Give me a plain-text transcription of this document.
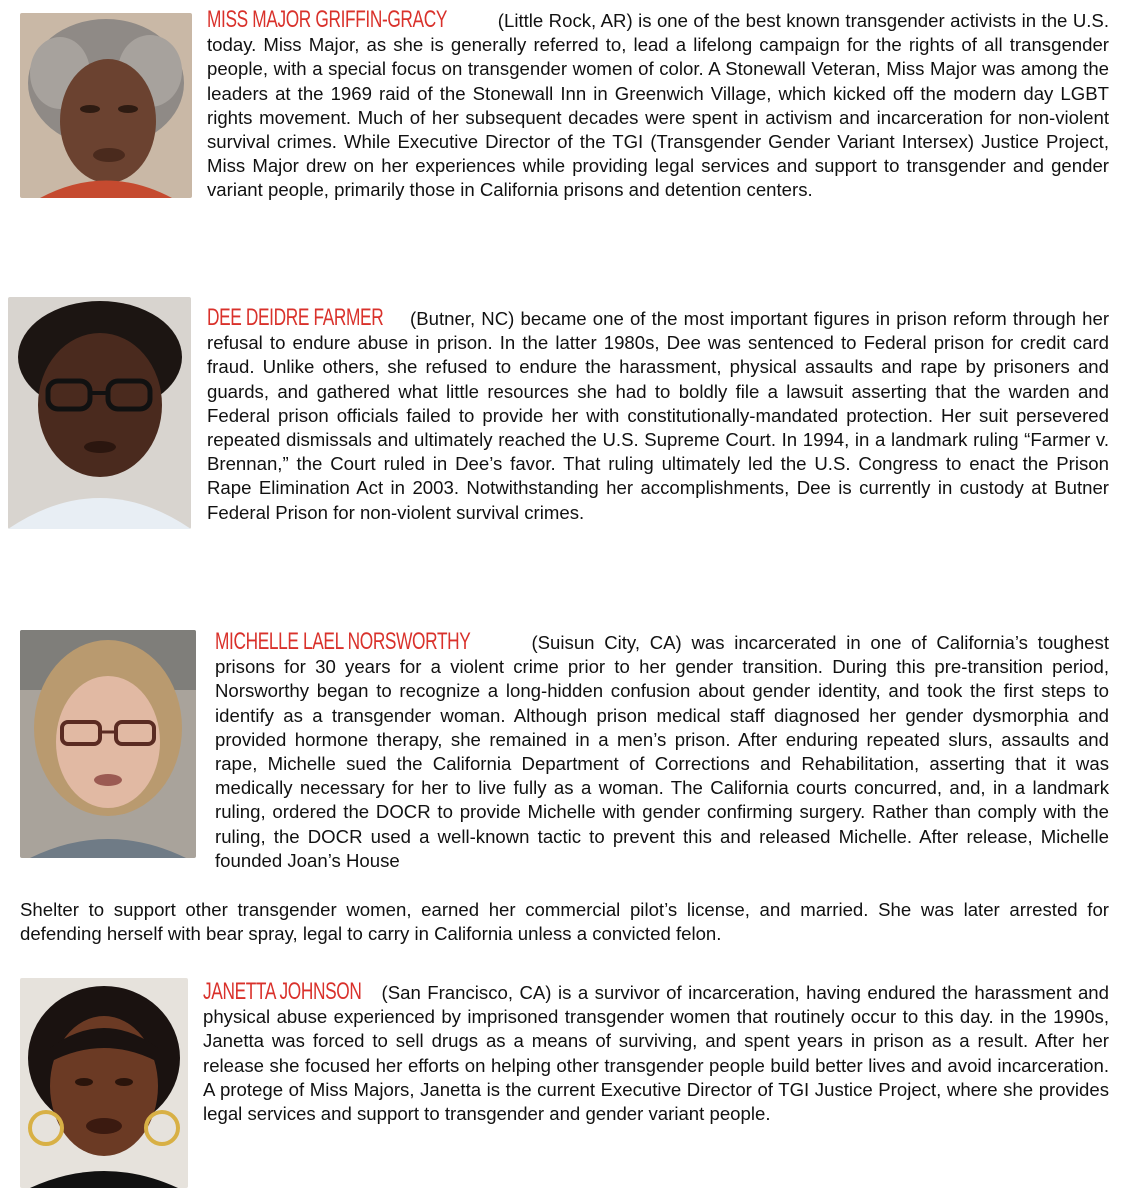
MISS MAJOR GRIFFIN-GRACY	(Little Rock, AR) is one of the best known transgender activists in the U.S. today. Miss Major, as she is generally referred to, lead a lifelong campaign for the rights of all transgender people, with a special focus on transgender women of color. A Stonewall Veteran, Miss Major was among the leaders at the 1969 raid of the Stonewall Inn in Greenwich Village, which kicked off the modern day LGBT rights movement. Much of her subsequent decades were spent in activism and incarceration for non-violent survival crimes. While Executive Director of the TGI (Transgender Gender Variant Intersex) Justice Project, Miss Major drew on her experiences while providing legal services and support to transgender and gender variant people, primarily those in California prisons and detention centers.

DEE DEIDRE FARMER (Butner, NC) became one of the most important figures in prison reform through her refusal to endure abuse in prison. In the latter 1980s, Dee was sentenced to Federal prison for credit card fraud. Unlike others, she refused to endure the harassment, physical assaults and rape by prisoners and guards, and gathered what little resources she had to boldly file a lawsuit asserting that the warden and Federal prison officials failed to provide her with constitutionally-mandated protection. Her suit persevered repeated dismissals and ultimately reached the U.S. Supreme Court. In 1994, in a landmark ruling “Farmer v. Brennan,” the Court ruled in Dee’s favor. That ruling ultimately led the U.S. Congress to enact the Prison Rape Elimination Act in 2003. Notwithstanding her accomplishments, Dee is currently in custody at Butner Federal Prison for non-violent survival crimes.

MICHELLE LAEL NORSWORTHY	(Suisun City, CA) was incarcerated in one of California’s toughest prisons for 30 years for a violent crime prior to her gender transition. During this pre-transition period, Norsworthy began to recognize a long-hidden confusion about gender identity, and took the first steps to identify as a transgender woman. Although prison medical staff diagnosed her gender dysmorphia and provided hormone therapy, she remained in a men’s prison. After enduring repeated slurs, assaults and rape, Michelle sued the California Department of Corrections and Rehabilitation, asserting that it was medically necessary for her to live fully as a woman. The California courts concurred, and, in a landmark ruling, ordered the DOCR to provide Michelle with gender confirming surgery. Rather than comply with the ruling, the DOCR used a well-known tactic to prevent this and released Michelle. After release, Michelle founded Joan’s House

Shelter to support other transgender women, earned her commercial pilot’s license, and married. She was later arrested for defending herself with bear spray, legal to carry in California unless a convicted felon.

JANETTA JOHNSON (San Francisco, CA) is a survivor of incarceration, having endured the harassment and physical abuse experienced by imprisoned transgender women that routinely occur to this day. in the 1990s, Janetta was forced to sell drugs as a means of surviving, and spent years in prison as a result. After her release she focused her efforts on helping other transgender people build better lives and avoid incarceration. A protege of Miss Majors, Janetta is the current Executive Director of TGI Justice Project, where she provides legal services and support to transgender and gender variant people.
